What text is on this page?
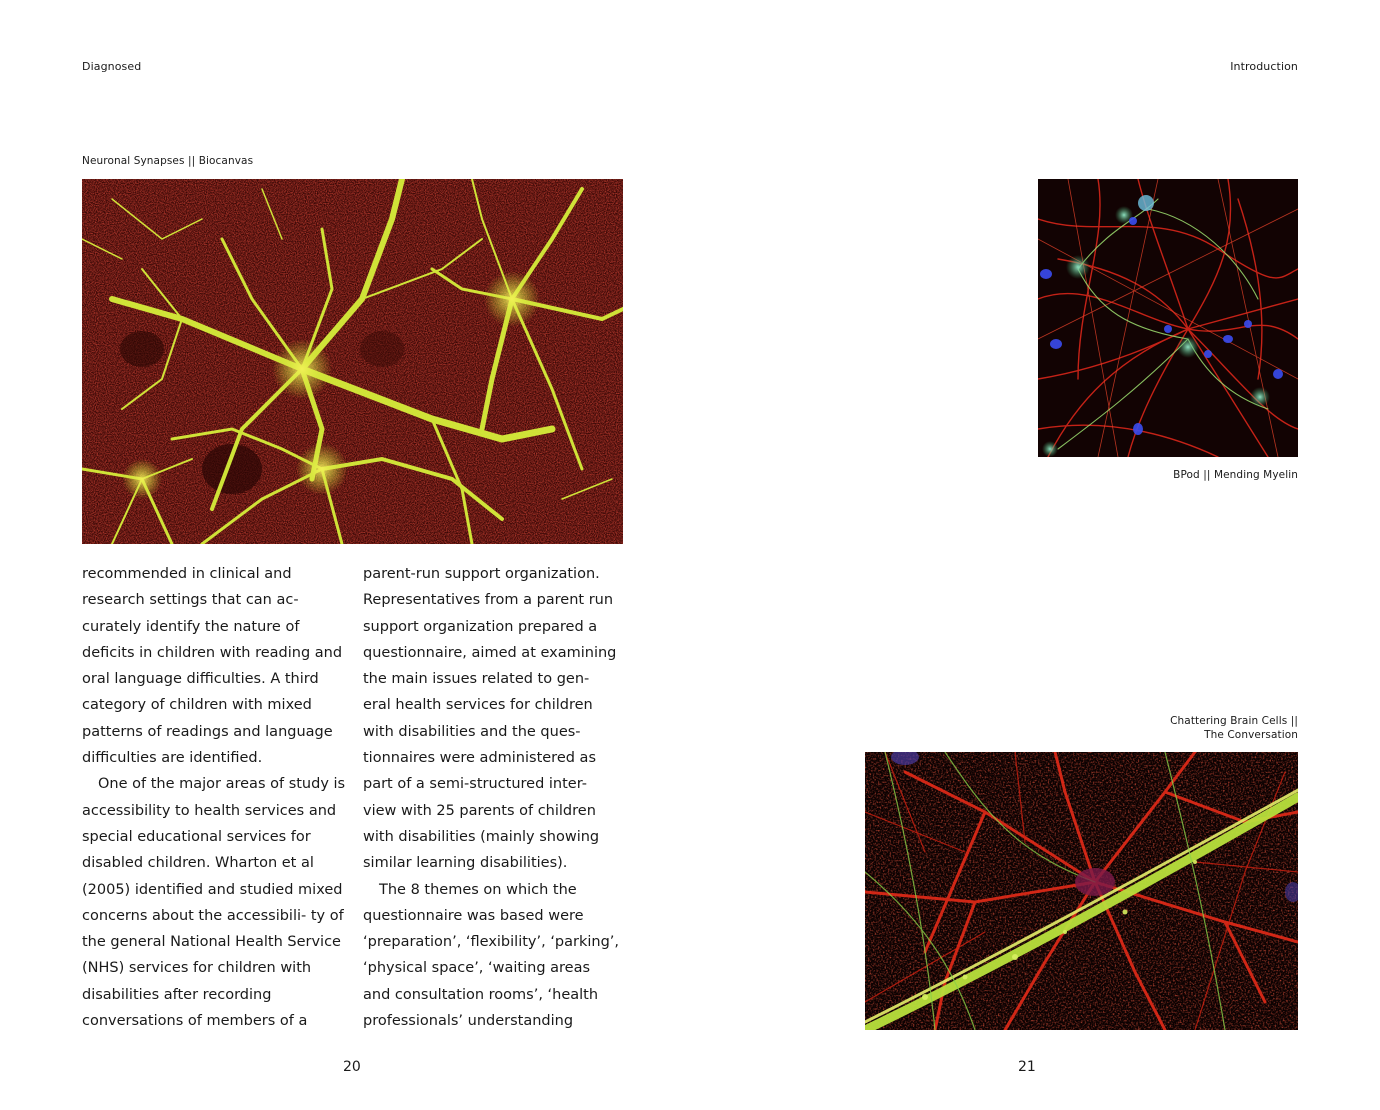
Diagnosed
Neuronal Synapses || Biocanvas

recommended in clinical and research settings that can ac- curately identify the nature of deficits in children with reading and oral language difficulties. A third category of children with mixed patterns of readings and language difficulties are identified.

One of the major areas of study is accessibility to health services and special educational services for disabled children. Wharton et al (2005) identified and studied mixed concerns about the accessibili- ty of the general National Health Service (NHS) services for children with disabilities after recording conversations of members of a

parent-run support organization. Representatives from a parent run support organization prepared a questionnaire, aimed at examining the main issues related to gen- eral health services for children with disabilities and the ques- tionnaires were administered as part of a semi-structured inter- view with 25 parents of children with disabilities (mainly showing similar learning disabilities).

The 8 themes on which the questionnaire was based were ‘preparation’, ‘flexibility’, ‘parking’, ‘physical space’, ‘waiting areas and consultation rooms’, ‘health professionals’ understanding

20
Introduction
BPod || Mending Myelin
Chattering Brain Cells ||
The Conversation
21
